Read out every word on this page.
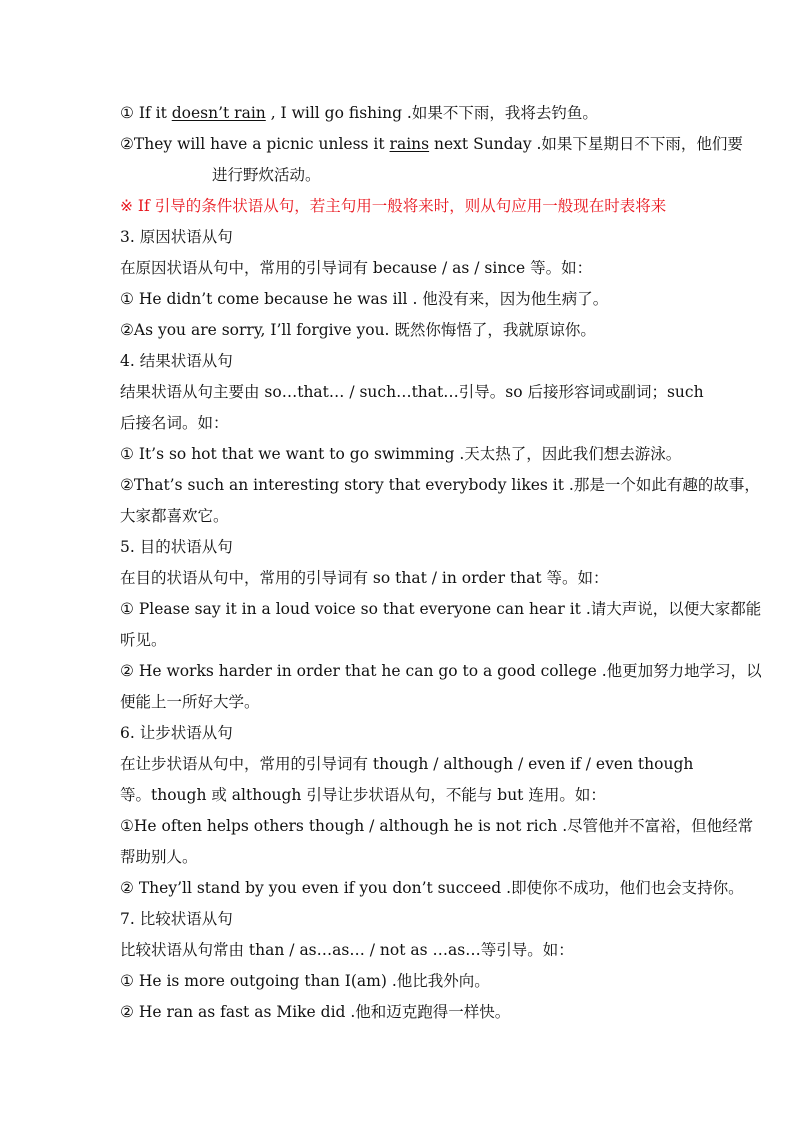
① If it doesn’t rain , I will go fishing .如果不下雨，我将去钓鱼。
②They will have a picnic unless it rains next Sunday .如果下星期日不下雨，他们要
进行野炊活动。
※ If 引导的条件状语从句，若主句用一般将来时，则从句应用一般现在时表将来
3. 原因状语从句
在原因状语从句中，常用的引导词有 because / as / since 等。如：
① He didn’t come because he was ill . 他没有来，因为他生病了。
②As you are sorry, I’ll forgive you. 既然你悔悟了，我就原谅你。
4. 结果状语从句
结果状语从句主要由 so…that… / such…that…引导。so 后接形容词或副词；such
后接名词。如：
① It’s so hot that we want to go swimming .天太热了，因此我们想去游泳。
②That’s such an interesting story that everybody likes it .那是一个如此有趣的故事，
大家都喜欢它。
5. 目的状语从句
在目的状语从句中，常用的引导词有 so that / in order that 等。如：
① Please say it in a loud voice so that everyone can hear it .请大声说，以便大家都能
听见。
② He works harder in order that he can go to a good college .他更加努力地学习，以
便能上一所好大学。
6. 让步状语从句
在让步状语从句中，常用的引导词有 though / although / even if / even though
等。though 或 although 引导让步状语从句，不能与 but 连用。如：
①He often helps others though / although he is not rich .尽管他并不富裕，但他经常
帮助别人。
② They’ll stand by you even if you don’t succeed .即使你不成功，他们也会支持你。
7. 比较状语从句
比较状语从句常由 than / as…as… / not as …as…等引导。如：
① He is more outgoing than I(am) .他比我外向。
② He ran as fast as Mike did .他和迈克跑得一样快。
